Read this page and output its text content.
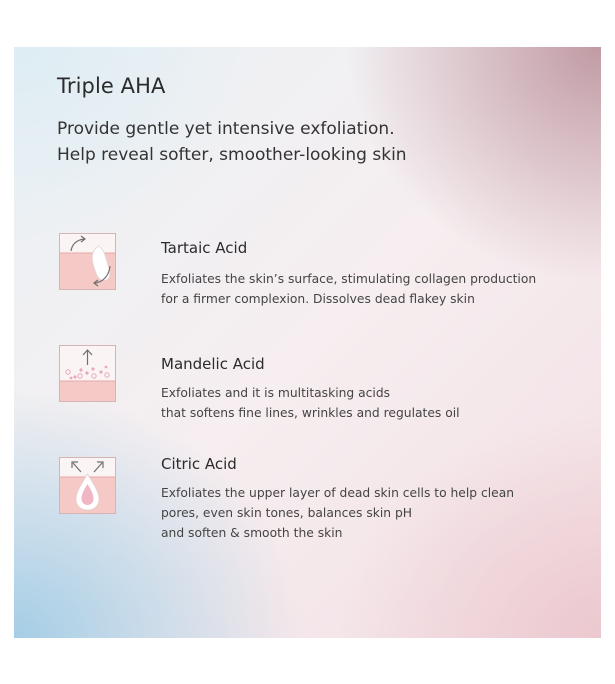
Triple AHA
Provide gentle yet intensive exfoliation.
Help reveal softer, smoother-looking skin
Tartaic Acid
Exfoliates the skin’s surface, stimulating collagen production
for a firmer complexion. Dissolves dead flakey skin
Mandelic Acid
Exfoliates and it is multitasking acids
that softens fine lines, wrinkles and regulates oil
Citric Acid
Exfoliates the upper layer of dead skin cells to help clean
pores, even skin tones, balances skin pH
and soften & smooth the skin
